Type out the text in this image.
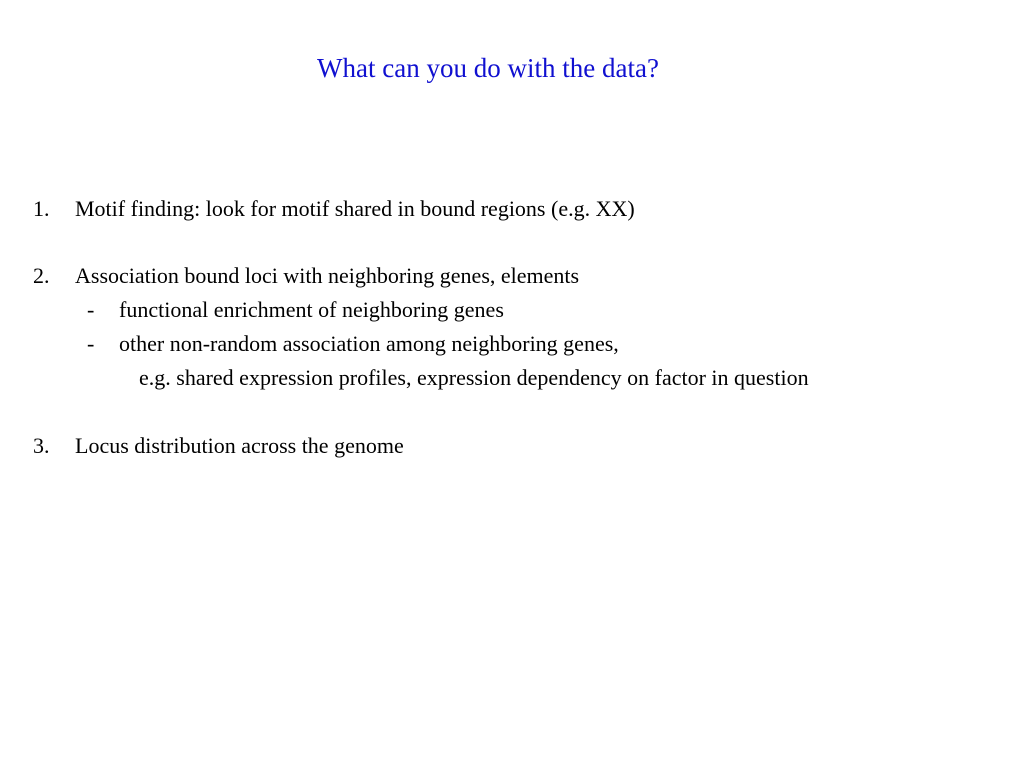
What can you do with the data?
1. Motif finding: look for motif shared in bound regions (e.g. XX)
2. Association bound loci with neighboring genes, elements
- functional enrichment of neighboring genes
- other non-random association among neighboring genes,
e.g. shared expression profiles, expression dependency on factor in question
3. Locus distribution across the genome
